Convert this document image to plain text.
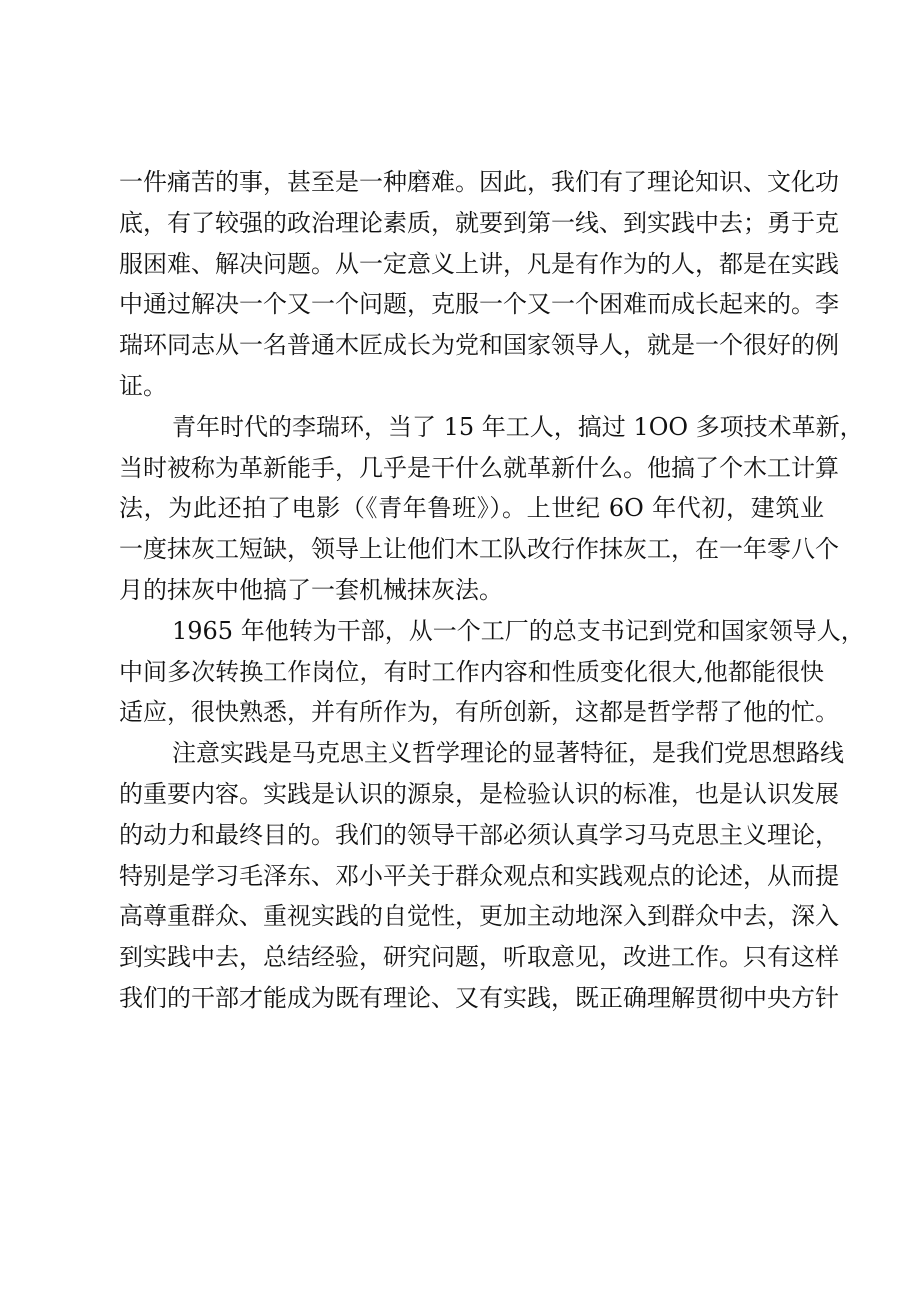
一件痛苦的事，甚至是一种磨难。因此，我们有了理论知识、文化功
底，有了较强的政治理论素质，就要到第一线、到实践中去；勇于克
服困难、解决问题。从一定意义上讲，凡是有作为的人，都是在实践
中通过解决一个又一个问题，克服一个又一个困难而成长起来的。李
瑞环同志从一名普通木匠成长为党和国家领导人，就是一个很好的例
证。
青年时代的李瑞环，当了 15 年工人，搞过 1OO 多项技术革新，
当时被称为革新能手，几乎是干什么就革新什么。他搞了个木工计算
法，为此还拍了电影（《青年鲁班》）。上世纪 6O 年代初，建筑业
一度抹灰工短缺，领导上让他们木工队改行作抹灰工，在一年零八个
月的抹灰中他搞了一套机械抹灰法。
1965 年他转为干部，从一个工厂的总支书记到党和国家领导人，
中间多次转换工作岗位，有时工作内容和性质变化很大,他都能很快
适应，很快熟悉，并有所作为，有所创新，这都是哲学帮了他的忙。
注意实践是马克思主义哲学理论的显著特征，是我们党思想路线
的重要内容。实践是认识的源泉，是检验认识的标准，也是认识发展
的动力和最终目的。我们的领导干部必须认真学习马克思主义理论，
特别是学习毛泽东、邓小平关于群众观点和实践观点的论述，从而提
高尊重群众、重视实践的自觉性，更加主动地深入到群众中去，深入
到实践中去，总结经验，研究问题，听取意见，改进工作。只有这样
我们的干部才能成为既有理论、又有实践，既正确理解贯彻中央方针
